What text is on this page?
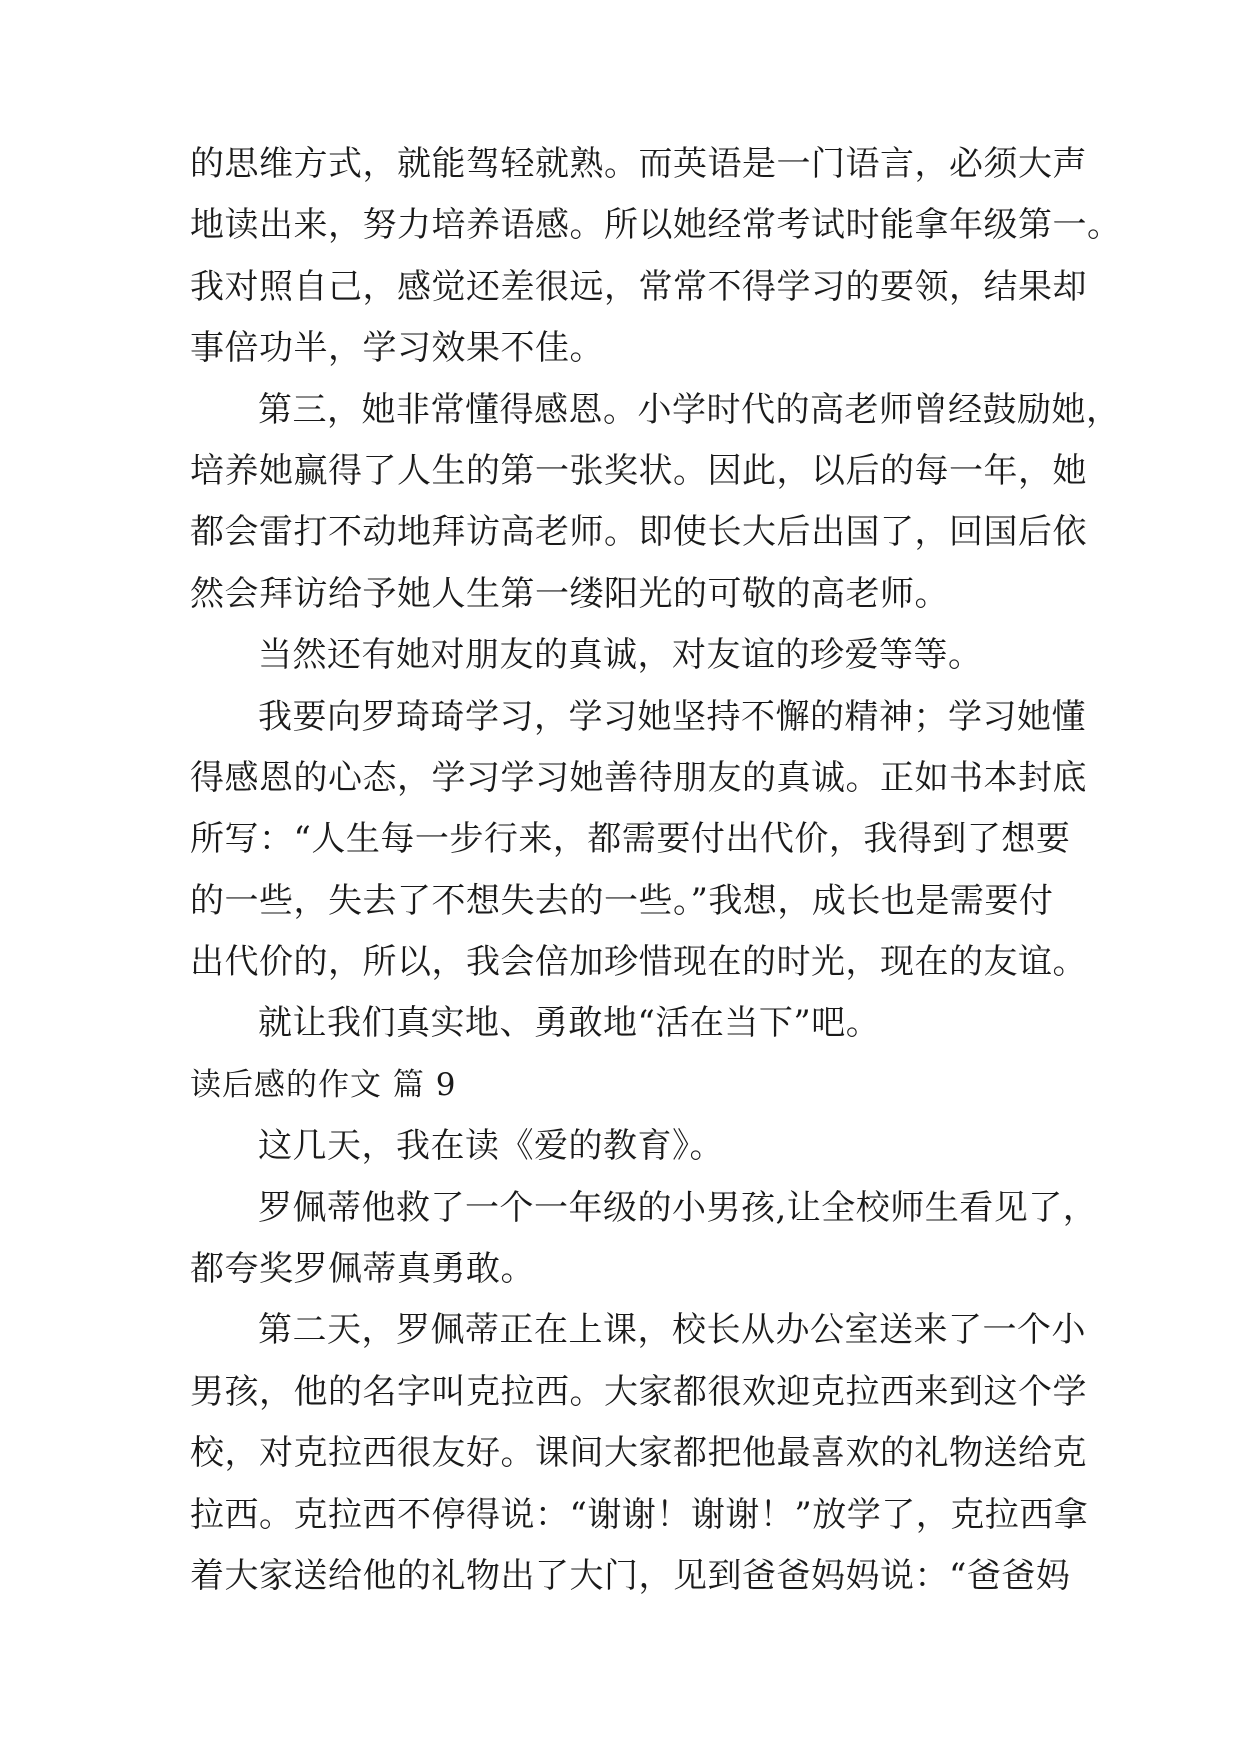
的思维方式，就能驾轻就熟。而英语是一门语言，必须大声
地读出来，努力培养语感。所以她经常考试时能拿年级第一。
我对照自己，感觉还差很远，常常不得学习的要领，结果却
事倍功半，学习效果不佳。
第三，她非常懂得感恩。小学时代的高老师曾经鼓励她，
培养她赢得了人生的第一张奖状。因此，以后的每一年，她
都会雷打不动地拜访高老师。即使长大后出国了，回国后依
然会拜访给予她人生第一缕阳光的可敬的高老师。
当然还有她对朋友的真诚，对友谊的珍爱等等。
我要向罗琦琦学习，学习她坚持不懈的精神；学习她懂
得感恩的心态，学习学习她善待朋友的真诚。正如书本封底
所写：“人生每一步行来，都需要付出代价，我得到了想要
的一些，失去了不想失去的一些。”我想，成长也是需要付
出代价的，所以，我会倍加珍惜现在的时光，现在的友谊。
就让我们真实地、勇敢地“活在当下”吧。
读后感的作文 篇 9
这几天，我在读《爱的教育》。
罗佩蒂他救了一个一年级的小男孩,让全校师生看见了，
都夸奖罗佩蒂真勇敢。
第二天，罗佩蒂正在上课，校长从办公室送来了一个小
男孩，他的名字叫克拉西。大家都很欢迎克拉西来到这个学
校，对克拉西很友好。课间大家都把他最喜欢的礼物送给克
拉西。克拉西不停得说：“谢谢！谢谢！”放学了，克拉西拿
着大家送给他的礼物出了大门，见到爸爸妈妈说：“爸爸妈
